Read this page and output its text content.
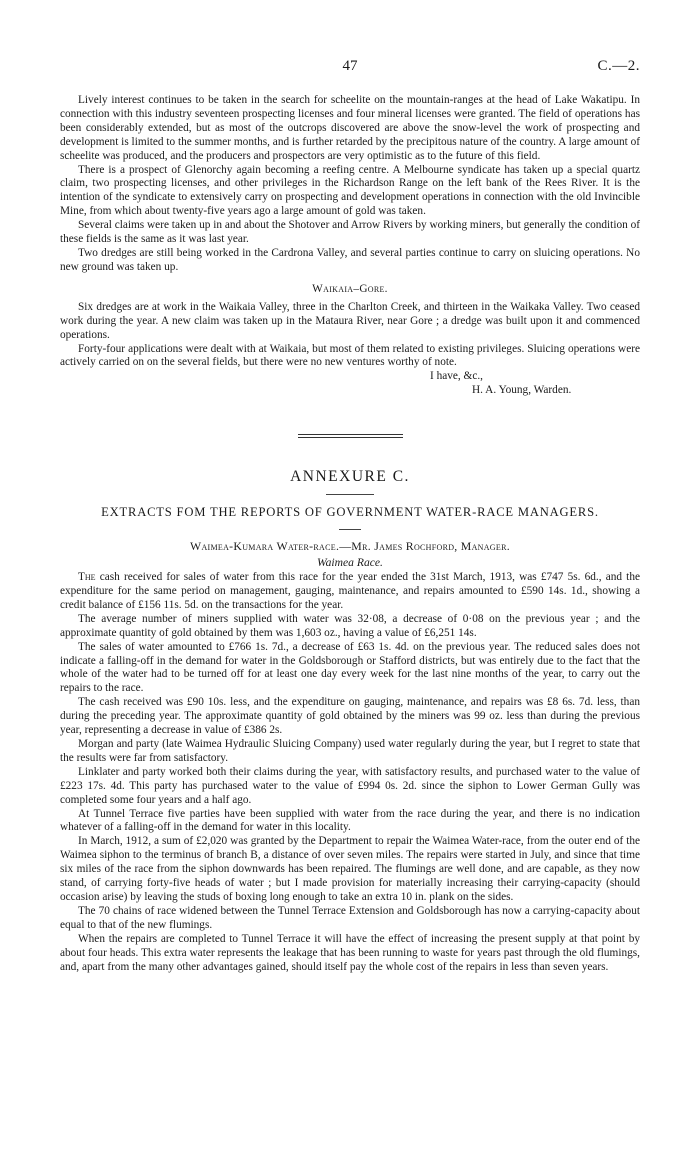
47	C.—2.

Lively interest continues to be taken in the search for scheelite on the mountain-ranges at the head of Lake Wakatipu. In connection with this industry seventeen prospecting licenses and four mineral licenses were granted. The field of operations has been considerably extended, but as most of the outcrops discovered are above the snow-level the work of prospecting and development is limited to the summer months, and is further retarded by the precipitous nature of the country. A large amount of scheelite was produced, and the producers and prospectors are very optimistic as to the future of this field.

There is a prospect of Glenorchy again becoming a reefing centre. A Melbourne syndicate has taken up a special quartz claim, two prospecting licenses, and other privileges in the Richardson Range on the left bank of the Rees River. It is the intention of the syndicate to extensively carry on prospecting and development operations in connection with the old Invincible Mine, from which about twenty-five years ago a large amount of gold was taken.

Several claims were taken up in and about the Shotover and Arrow Rivers by working miners, but generally the condition of these fields is the same as it was last year.

Two dredges are still being worked in the Cardrona Valley, and several parties continue to carry on sluicing operations. No new ground was taken up.

Waikaia–Gore.

Six dredges are at work in the Waikaia Valley, three in the Charlton Creek, and thirteen in the Waikaka Valley. Two ceased work during the year. A new claim was taken up in the Mataura River, near Gore ; a dredge was built upon it and commenced operations.

Forty-four applications were dealt with at Waikaia, but most of them related to existing privileges. Sluicing operations were actively carried on on the several fields, but there were no new ventures worthy of note.

I have, &c.,
H. A. Young, Warden.
ANNEXURE C.
EXTRACTS FOM THE REPORTS OF GOVERNMENT WATER-RACE MANAGERS.
Waimea-Kumara Water-race.—Mr. James Rochford, Manager.
Waimea Race.

The cash received for sales of water from this race for the year ended the 31st March, 1913, was £747 5s. 6d., and the expenditure for the same period on management, gauging, maintenance, and repairs amounted to £590 14s. 1d., showing a credit balance of £156 11s. 5d. on the transactions for the year.

The average number of miners supplied with water was 32·08, a decrease of 0·08 on the previous year ; and the approximate quantity of gold obtained by them was 1,603 oz., having a value of £6,251 14s.

The sales of water amounted to £766 1s. 7d., a decrease of £63 1s. 4d. on the previous year. The reduced sales does not indicate a falling-off in the demand for water in the Goldsborough or Stafford districts, but was entirely due to the fact that the whole of the water had to be turned off for at least one day every week for the last nine months of the year, to carry out the repairs to the race.

The cash received was £90 10s. less, and the expenditure on gauging, maintenance, and repairs was £8 6s. 7d. less, than during the preceding year. The approximate quantity of gold obtained by the miners was 99 oz. less than during the previous year, representing a decrease in value of £386 2s.

Morgan and party (late Waimea Hydraulic Sluicing Company) used water regularly during the year, but I regret to state that the results were far from satisfactory.

Linklater and party worked both their claims during the year, with satisfactory results, and purchased water to the value of £223 17s. 4d. This party has purchased water to the value of £994 0s. 2d. since the siphon to Lower German Gully was completed some four years and a half ago.

At Tunnel Terrace five parties have been supplied with water from the race during the year, and there is no indication whatever of a falling-off in the demand for water in this locality.

In March, 1912, a sum of £2,020 was granted by the Department to repair the Waimea Water-race, from the outer end of the Waimea siphon to the terminus of branch B, a distance of over seven miles. The repairs were started in July, and since that time six miles of the race from the siphon downwards has been repaired. The flumings are well done, and are capable, as they now stand, of carrying forty-five heads of water ; but I made provision for materially increasing their carrying-capacity (should occasion arise) by leaving the studs of boxing long enough to take an extra 10 in. plank on the sides.

The 70 chains of race widened between the Tunnel Terrace Extension and Goldsborough has now a carrying-capacity about equal to that of the new flumings.

When the repairs are completed to Tunnel Terrace it will have the effect of increasing the present supply at that point by about four heads. This extra water represents the leakage that has been running to waste for years past through the old flumings, and, apart from the many other advantages gained, should itself pay the whole cost of the repairs in less than seven years.
